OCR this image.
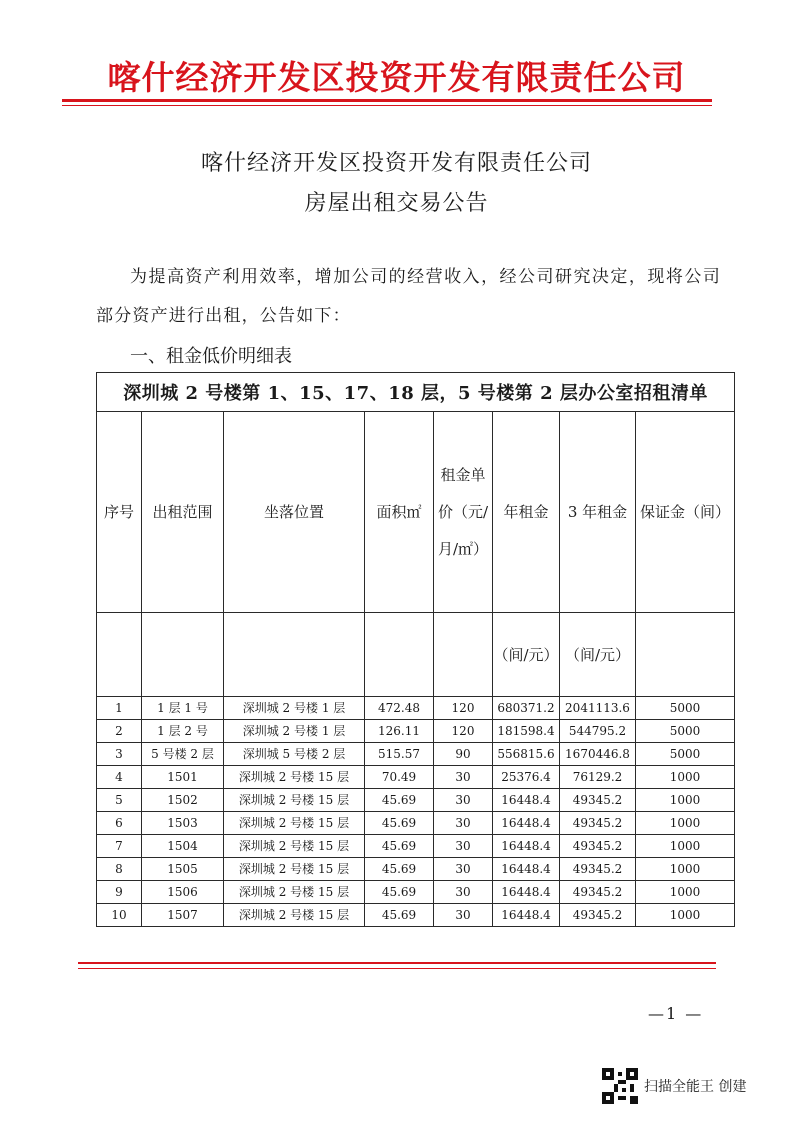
喀什经济开发区投资开发有限责任公司
喀什经济开发区投资开发有限责任公司
房屋出租交易公告
为提高资产利用效率，增加公司的经营收入，经公司研究决定，现将公司部分资产进行出租，公告如下：
一、租金低价明细表
深圳城 2 号楼第 1、15、17、18 层，5 号楼第 2 层办公室招租清单							
序号	出租范围	坐落位置	面积㎡	租金单价（元/月/㎡）	年租金	3 年租金	保证金（间）
					（间/元）	（间/元）	
1	1 层 1 号	深圳城 2 号楼 1 层	472.48	120	680371.2	2041113.6	5000
2	1 层 2 号	深圳城 2 号楼 1 层	126.11	120	181598.4	544795.2	5000
3	5 号楼 2 层	深圳城 5 号楼 2 层	515.57	90	556815.6	1670446.8	5000
4	1501	深圳城 2 号楼 15 层	70.49	30	25376.4	76129.2	1000
5	1502	深圳城 2 号楼 15 层	45.69	30	16448.4	49345.2	1000
6	1503	深圳城 2 号楼 15 层	45.69	30	16448.4	49345.2	1000
7	1504	深圳城 2 号楼 15 层	45.69	30	16448.4	49345.2	1000
8	1505	深圳城 2 号楼 15 层	45.69	30	16448.4	49345.2	1000
9	1506	深圳城 2 号楼 15 层	45.69	30	16448.4	49345.2	1000
10	1507	深圳城 2 号楼 15 层	45.69	30	16448.4	49345.2	1000
—1 —
扫描全能王 创建
